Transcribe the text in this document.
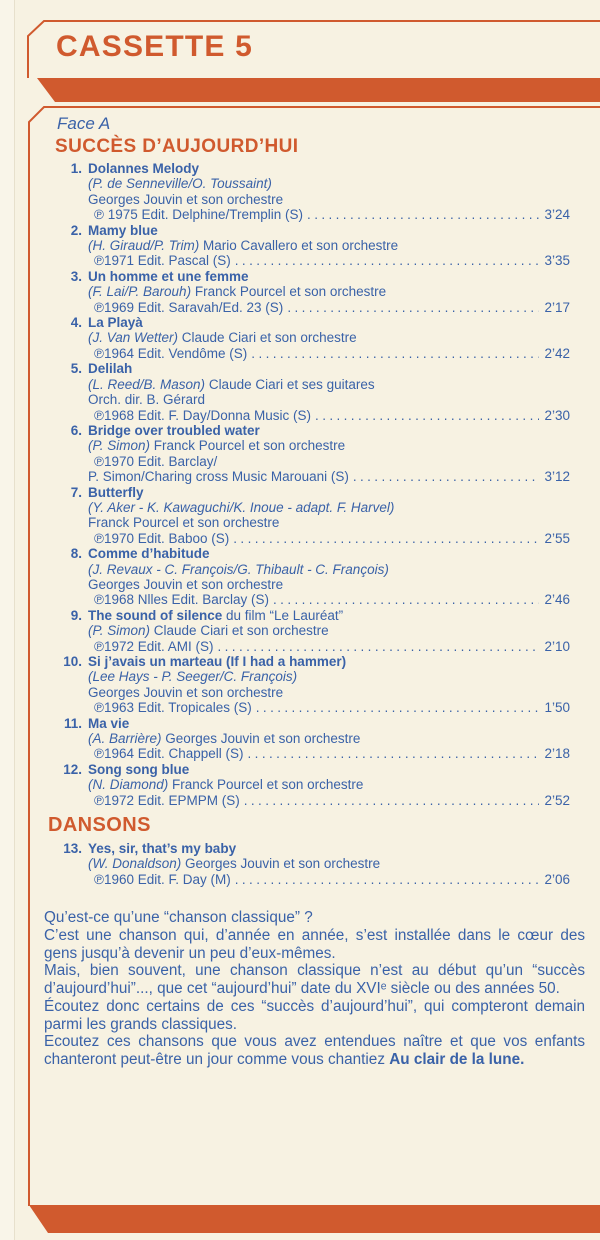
CASSETTE 5
Face A
SUCCÈS D’AUJOURD’HUI
1. Dolannes Melody
(P. de Senneville/O. Toussaint)
Georges Jouvin et son orchestre
℗ 1975 Edit. Delphine/Tremplin (S) .....	3’24
2. Mamy blue
(H. Giraud/P. Trim) Mario Cavallero et son orchestre
℗1971 Edit. Pascal (S) .....	3’35
3. Un homme et une femme
(F. Lai/P. Barouh) Franck Pourcel et son orchestre
℗1969 Edit. Saravah/Ed. 23 (S) .....	2’17
4. La Playà
(J. Van Wetter) Claude Ciari et son orchestre
℗1964 Edit. Vendôme (S) .....	2’42
5. Delilah
(L. Reed/B. Mason) Claude Ciari et ses guitares
Orch. dir. B. Gérard
℗1968 Edit. F. Day/Donna Music (S) .....	2’30
6. Bridge over troubled water
(P. Simon) Franck Pourcel et son orchestre
℗1970 Edit. Barclay/
P. Simon/Charing cross Music Marouani (S) .....	3’12
7. Butterfly
(Y. Aker - K. Kawaguchi/K. Inoue - adapt. F. Harvel)
Franck Pourcel et son orchestre
℗1970 Edit. Baboo (S) .....	2’55
8. Comme d’habitude
(J. Revaux - C. François/G. Thibault - C. François)
Georges Jouvin et son orchestre
℗1968 Nlles Edit. Barclay (S) .....	2’46
9. The sound of silence du film “Le Lauréat”
(P. Simon) Claude Ciari et son orchestre
℗1972 Edit. AMI (S) .....	2’10
10. Si j’avais un marteau (If I had a hammer)
(Lee Hays - P. Seeger/C. François)
Georges Jouvin et son orchestre
℗1963 Edit. Tropicales (S) .....	1’50
11. Ma vie
(A. Barrière) Georges Jouvin et son orchestre
℗1964 Edit. Chappell (S) .....	2’18
12. Song song blue
(N. Diamond) Franck Pourcel et son orchestre
℗1972 Edit. EPMPM (S) .....	2’52
DANSONS
13. Yes, sir, that’s my baby
(W. Donaldson) Georges Jouvin et son orchestre
℗1960 Edit. F. Day (M) .....	2’06

Qu’est-ce qu’une “chanson classique” ?

C’est une chanson qui, d’année en année, s’est installée dans le cœur des gens jusqu’à devenir un peu d’eux-mêmes.

Mais, bien souvent, une chanson classique n’est au début qu’un “succès d’aujourd’hui”..., que cet “aujourd’hui” date du XVIᵉ siècle ou des années 50.

Écoutez donc certains de ces “succès d’aujourd’hui”, qui compteront demain parmi les grands classiques.

Ecoutez ces chansons que vous avez entendues naître et que vos enfants chanteront peut-être un jour comme vous chantiez Au clair de la lune.
